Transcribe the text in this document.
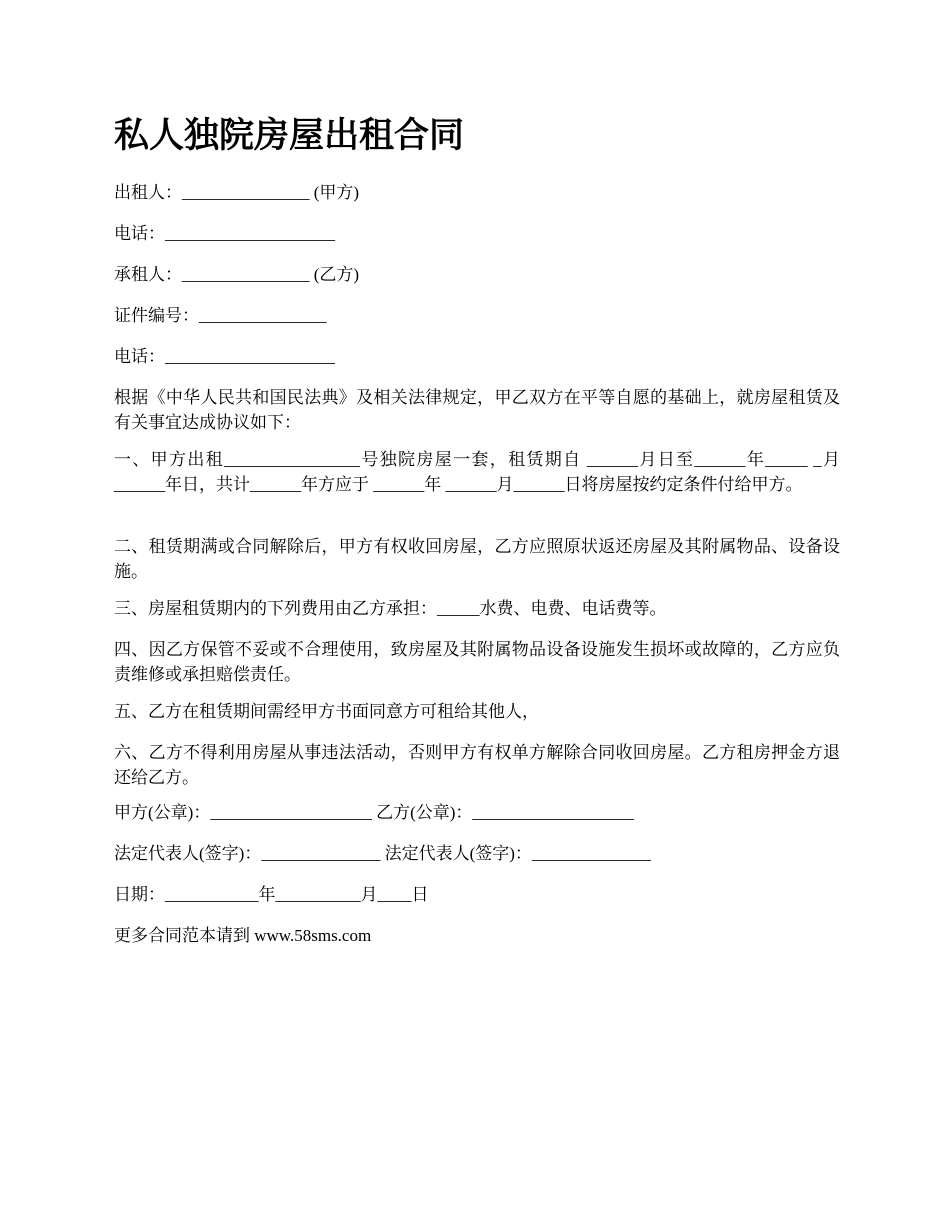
私人独院房屋出租合同
出租人：_______________ (甲方)
电话：____________________
承租人：_______________ (乙方)
证件编号：_______________
电话：____________________
根据《中华人民共和国民法典》及相关法律规定，甲乙双方在平等自愿的基础上，就房屋租赁及有关事宜达成协议如下：
一、甲方出租________________号独院房屋一套，租赁期自 ______月日至______年_____ _月 ______年日，共计______年方应于 ______年 ______月______日将房屋按约定条件付给甲方。
二、租赁期满或合同解除后，甲方有权收回房屋，乙方应照原状返还房屋及其附属物品、设备设施。
三、房屋租赁期内的下列费用由乙方承担：_____水费、电费、电话费等。
四、因乙方保管不妥或不合理使用，致房屋及其附属物品设备设施发生损坏或故障的，乙方应负责维修或承担赔偿责任。
五、乙方在租赁期间需经甲方书面同意方可租给其他人，
六、乙方不得利用房屋从事违法活动，否则甲方有权单方解除合同收回房屋。乙方租房押金方退还给乙方。
甲方(公章)：___________________ 乙方(公章)：___________________
法定代表人(签字)：______________ 法定代表人(签字)：______________
日期：___________年__________月____日
更多合同范本请到 www.58sms.com
